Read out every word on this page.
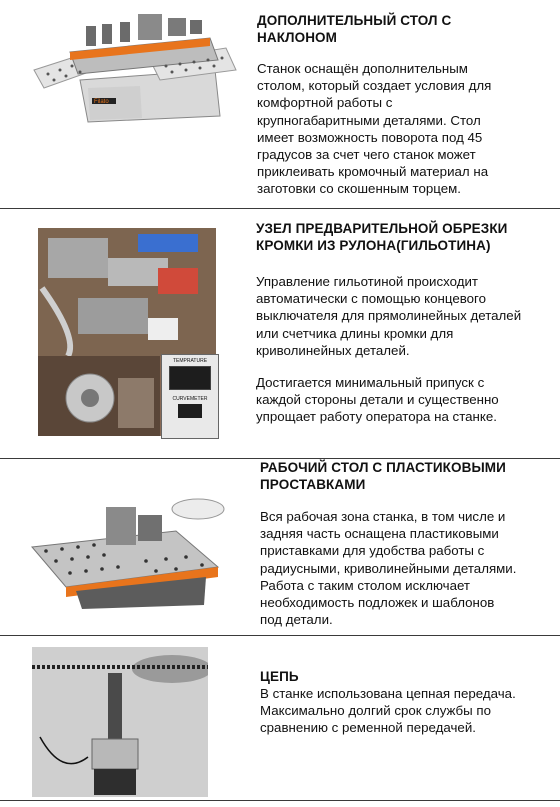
Filato
ДОПОЛНИТЕЛЬНЫЙ СТОЛ С
НАКЛОНОМ
Станок оснащён дополнительным
столом, который создает условия для
комфортной работы с
крупногабаритными деталями. Стол
имеет возможность поворота под 45
градусов за счет чего станок может
приклеивать кромочный материал на
заготовки со скошенным торцем.
TEMPRATURE
CURVEMETER
УЗЕЛ ПРЕДВАРИТЕЛЬНОЙ ОБРЕЗКИ
КРОМКИ ИЗ РУЛОНА(ГИЛЬОТИНА)
Управление гильотиной происходит
автоматически с помощью концевого
выключателя для прямолинейных деталей
или счетчика длины кромки для
криволинейных деталей.
Достигается минимальный припуск с
каждой стороны детали и существенно
упрощает работу оператора на станке.
РАБОЧИЙ СТОЛ С ПЛАСТИКОВЫМИ
ПРОСТАВКАМИ
Вся рабочая зона станка, в том числе и
задняя часть оснащена пластиковыми
приставками для удобства работы с
радиусными, криволинейными деталями.
Работа с таким столом исключает
необходимость подложек и шаблонов
под детали.
ЦЕПЬ
В станке использована цепная передача.
Максимально долгий срок службы по
сравнению с ременной передачей.
